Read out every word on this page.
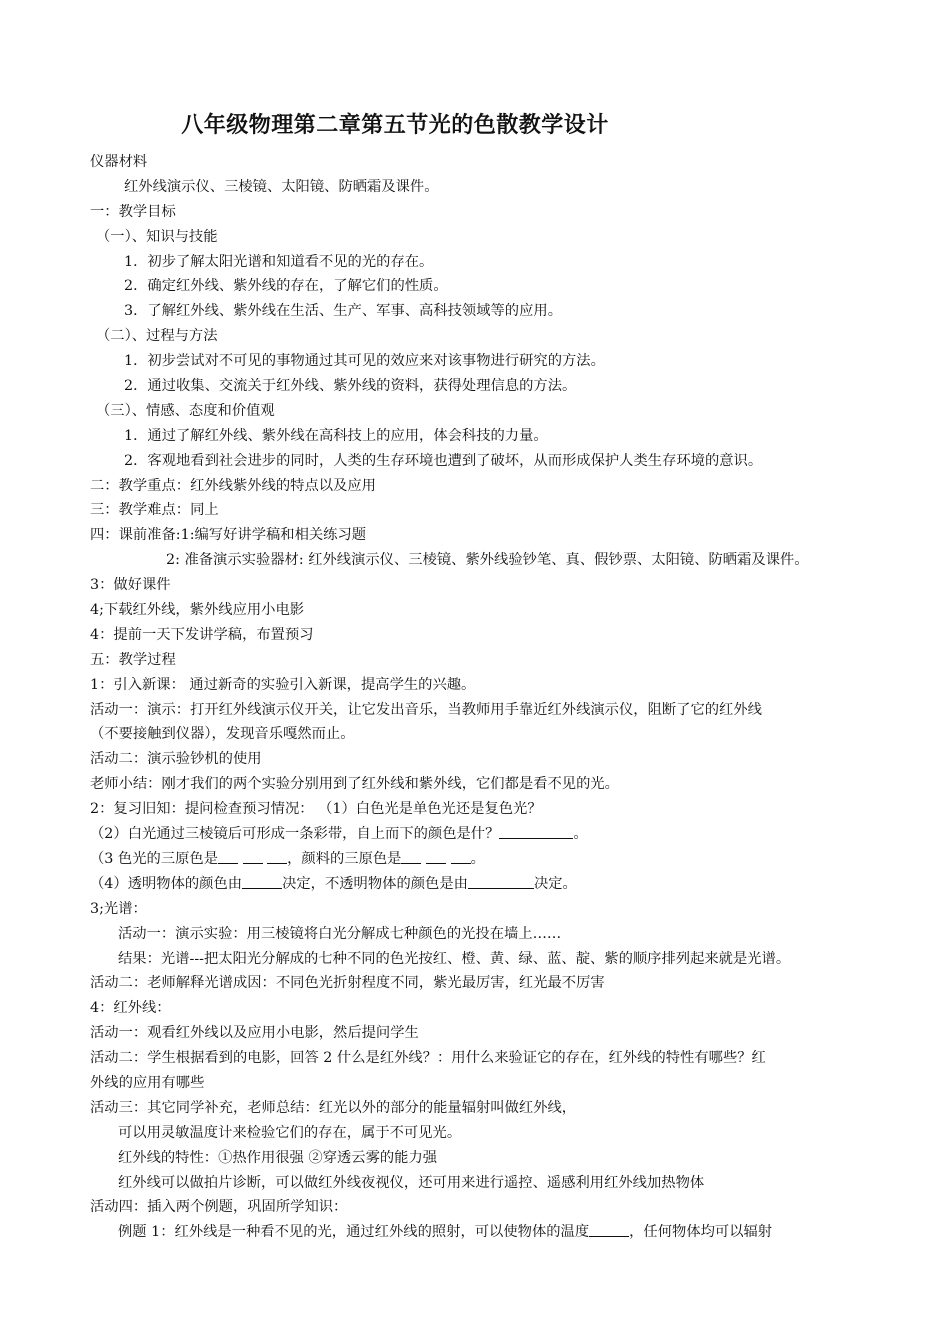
八年级物理第二章第五节光的色散教学设计
仪器材料
红外线演示仪、三棱镜、太阳镜、防晒霜及课件。
一：教学目标
（一）、知识与技能
1．初步了解太阳光谱和知道看不见的光的存在。
2．确定红外线、紫外线的存在，了解它们的性质。
3．了解红外线、紫外线在生活、生产、军事、高科技领域等的应用。
（二）、过程与方法
1．初步尝试对不可见的事物通过其可见的效应来对该事物进行研究的方法。
2．通过收集、交流关于红外线、紫外线的资料，获得处理信息的方法。
（三）、情感、态度和价值观
1．通过了解红外线、紫外线在高科技上的应用，体会科技的力量。
2．客观地看到社会进步的同时，人类的生存环境也遭到了破坏，从而形成保护人类生存环境的意识。
二：教学重点：红外线紫外线的特点以及应用
三：教学难点：同上
四：课前准备:1:编写好讲学稿和相关练习题
2: 准备演示实验器材: 红外线演示仪、三棱镜、紫外线验钞笔、真、假钞票、太阳镜、防晒霜及课件。
3：做好课件
4;下载红外线，紫外线应用小电影
4：提前一天下发讲学稿，布置预习
五：教学过程
1：引入新课： 通过新奇的实验引入新课，提高学生的兴趣。
活动一：演示：打开红外线演示仪开关，让它发出音乐，当教师用手靠近红外线演示仪，阻断了它的红外线
（不要接触到仪器），发现音乐嘎然而止。
活动二：演示验钞机的使用
老师小结：刚才我们的两个实验分别用到了红外线和紫外线，它们都是看不见的光。
2：复习旧知：提问检查预习情况： （1）白色光是单色光还是复色光？
（2）白光通过三棱镜后可形成一条彩带，自上而下的颜色是什？	。
（3 色光的三原色是	，颜料的三原色是	。
（4）透明物体的颜色由	决定，不透明物体的颜色是由	决定。
3;光谱：
活动一：演示实验：用三棱镜将白光分解成七种颜色的光投在墙上……
结果：光谱---把太阳光分解成的七种不同的色光按红、橙、黄、绿、蓝、靛、紫的顺序排列起来就是光谱。
活动二：老师解释光谱成因：不同色光折射程度不同，紫光最厉害，红光最不厉害
4：红外线：
活动一：观看红外线以及应用小电影，然后提问学生
活动二：学生根据看到的电影，回答 2 什么是红外线？：用什么来验证它的存在，红外线的特性有哪些？红
外线的应用有哪些
活动三：其它同学补充，老师总结：红光以外的部分的能量辐射叫做红外线，
可以用灵敏温度计来检验它们的存在，属于不可见光。
红外线的特性：①热作用很强 ②穿透云雾的能力强
红外线可以做拍片诊断，可以做红外线夜视仪，还可用来进行遥控、遥感利用红外线加热物体
活动四：插入两个例题，巩固所学知识：
例题 1：红外线是一种看不见的光，通过红外线的照射，可以使物体的温度	，任何物体均可以辐射
